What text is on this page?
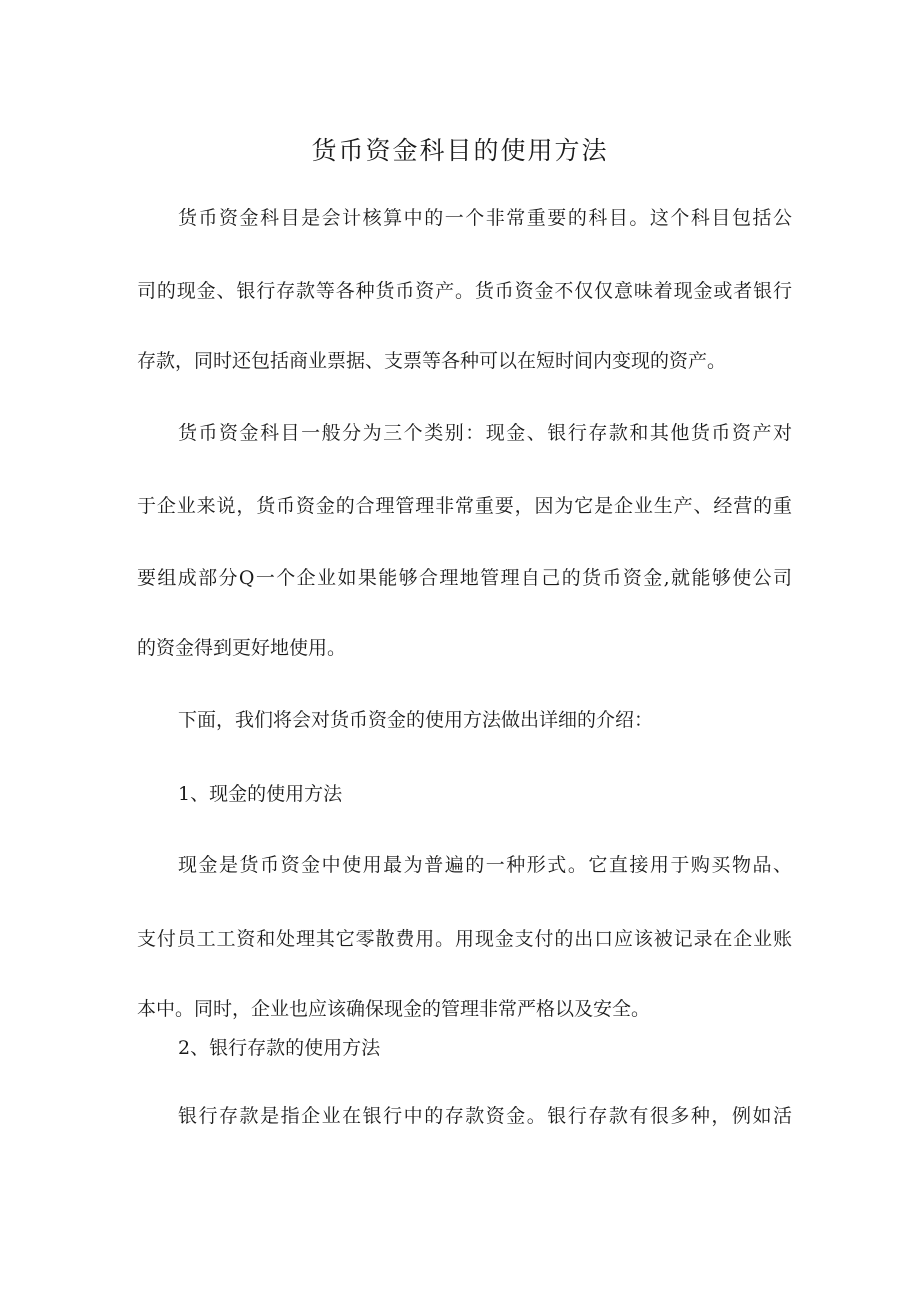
货币资金科目的使用方法

货币资金科目是会计核算中的一个非常重要的科目。这个科目包括公

司的现金、银行存款等各种货币资产。货币资金不仅仅意味着现金或者银行

存款，同时还包括商业票据、支票等各种可以在短时间内变现的资产。

货币资金科目一般分为三个类别：现金、银行存款和其他货币资产对

于企业来说，货币资金的合理管理非常重要，因为它是企业生产、经营的重

要组成部分Q一个企业如果能够合理地管理自己的货币资金,就能够使公司

的资金得到更好地使用。

下面，我们将会对货币资金的使用方法做出详细的介绍：

1、现金的使用方法

现金是货币资金中使用最为普遍的一种形式。它直接用于购买物品、

支付员工工资和处理其它零散费用。用现金支付的出口应该被记录在企业账

本中。同时，企业也应该确保现金的管理非常严格以及安全。

2、银行存款的使用方法

银行存款是指企业在银行中的存款资金。银行存款有很多种，例如活
